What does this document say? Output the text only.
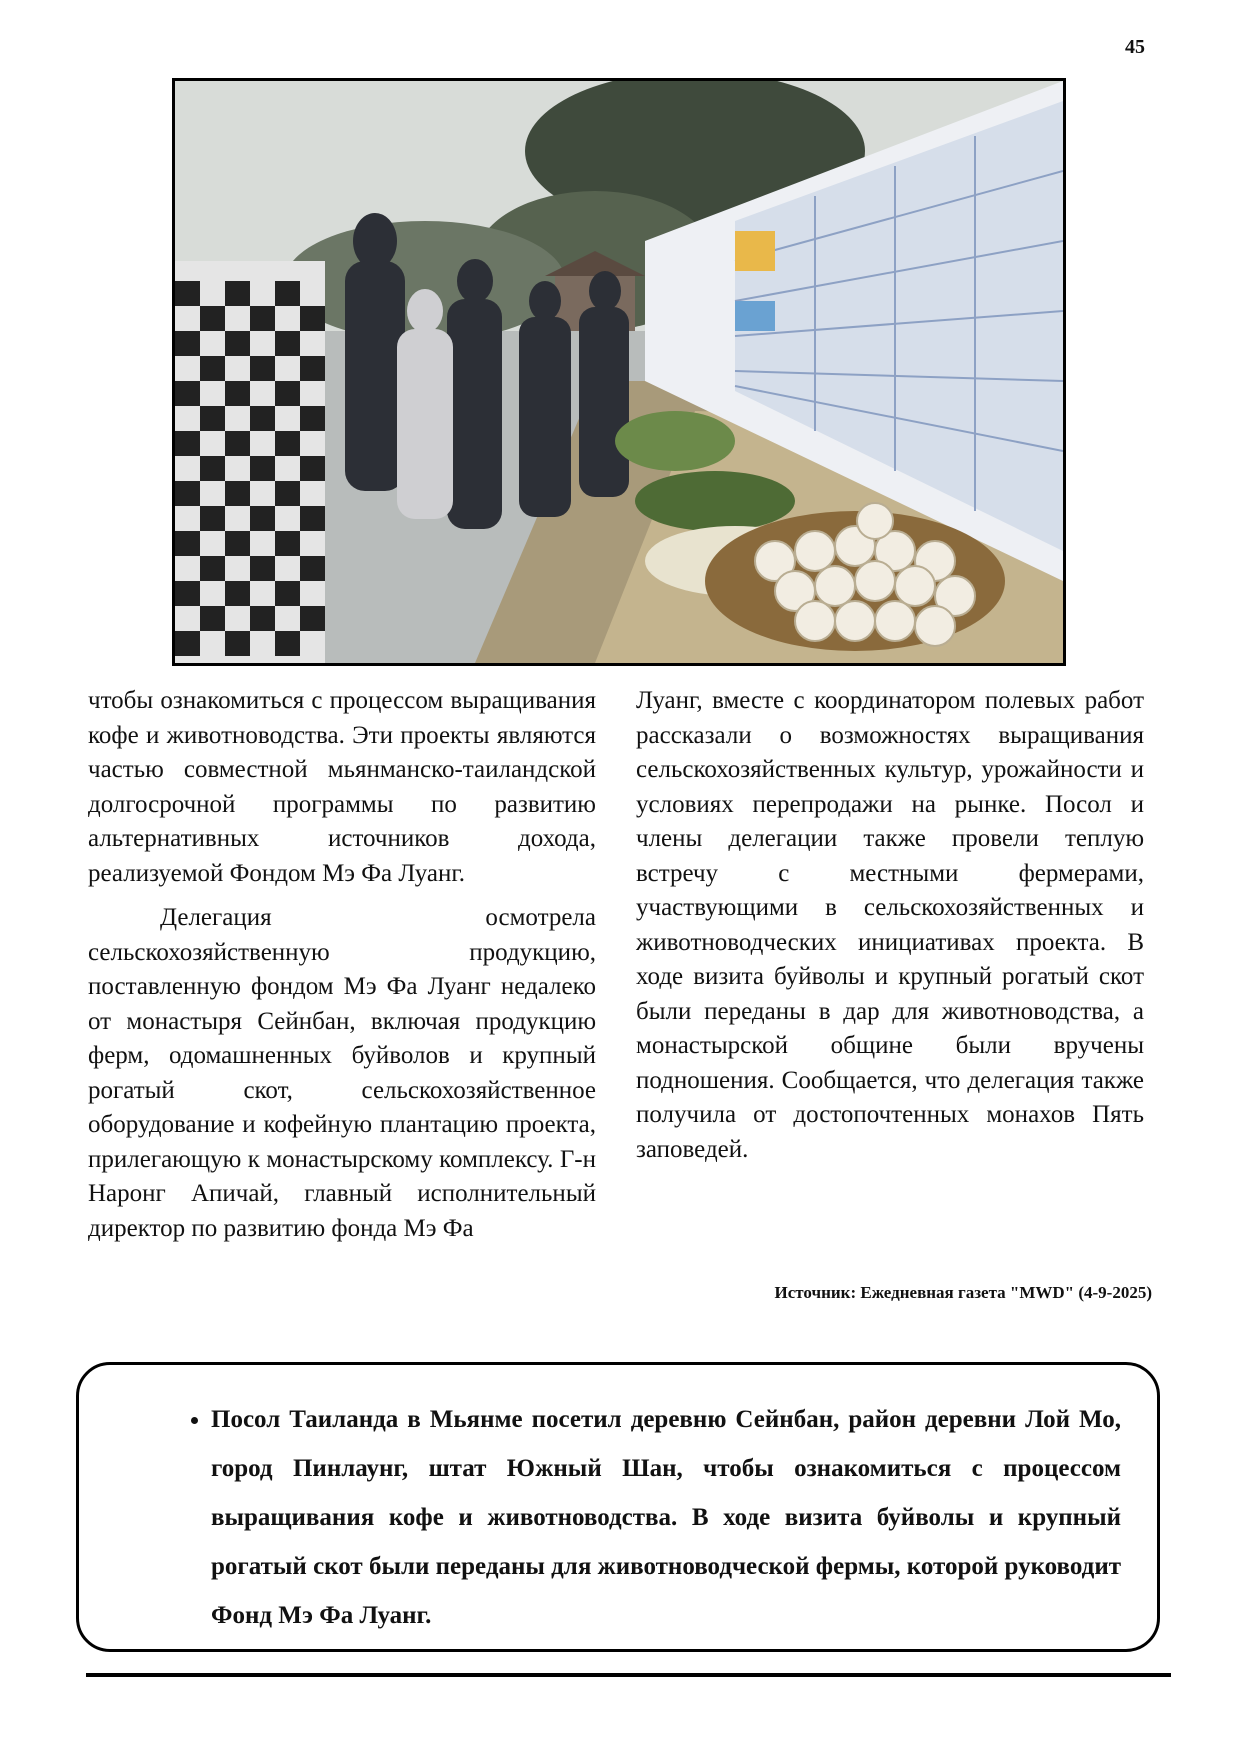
45

чтобы ознакомиться с процессом выращивания кофе и животноводства. Эти проекты являются частью совместной мьянманско-таиландской долгосрочной программы по развитию альтернативных источников дохода, реализуемой Фондом Мэ Фа Луанг.

Делегация осмотрела сельскохозяйственную продукцию, поставленную фондом Мэ Фа Луанг недалеко от монастыря Сейнбан, включая продукцию ферм, одомашненных буйволов и крупный рогатый скот, сельскохозяйственное оборудование и кофейную плантацию проекта, прилегающую к монастырскому комплексу. Г-н Наронг Апичай, главный исполнительный директор по развитию фонда Мэ Фа

Луанг, вместе с координатором полевых работ рассказали о возможностях выращивания сельскохозяйственных культур, урожайности и условиях перепродажи на рынке. Посол и члены делегации также провели теплую встречу с местными фермерами, участвующими в сельскохозяйственных и животноводческих инициативах проекта. В ходе визита буйволы и крупный рогатый скот были переданы в дар для животноводства, а монастырской общине были вручены подношения. Сообщается, что делегация также получила от достопочтенных монахов Пять заповедей.

Источник: Ежедневная газета "MWD" (4-9-2025)
• Посол Таиланда в Мьянме посетил деревню Сейнбан, район деревни Лой Мо, город Пинлаунг, штат Южный Шан, чтобы ознакомиться с процессом выращивания кофе и животноводства. В ходе визита буйволы и крупный рогатый скот были переданы для животноводческой фермы, которой руководит Фонд Мэ Фа Луанг.
